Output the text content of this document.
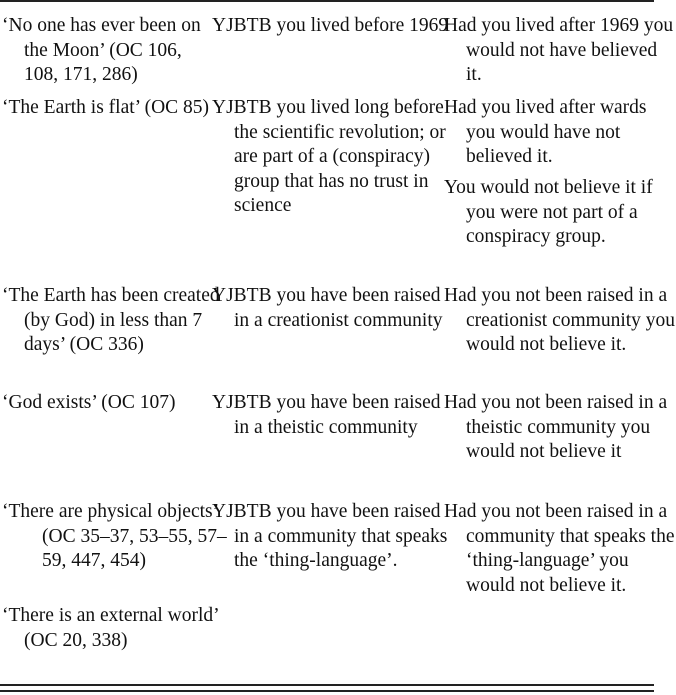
‘No one has ever been on the Moon’ (OC 106, 108, 171, 286)
YJBTB you lived before 1969
Had you lived after 1969 you would not have believed it.
‘The Earth is flat’ (OC 85) YJBTB you lived long before the scientific revolution; or are part of a (conspiracy) group that has no trust in science
Had you lived after wards you would have not believed it.
You would not believe it if you were not part of a conspiracy group.
‘The Earth has been created (by God) in less than 7 days’ (OC 336)
YJBTB you have been raised in a creationist community
Had you not been raised in a creationist community you would not believe it.
‘God exists’ (OC 107)	YJBTB you have been raised in a theistic community
Had you not been raised in a theistic community you would not believe it
‘There are physical objects’ (OC 35–37, 53–55, 57–59, 447, 454)
‘There is an external world’ (OC 20, 338)
YJBTB you have been raised in a community that speaks the ‘thing-language’.
Had you not been raised in a community that speaks the ‘thing-language’ you would not believe it.
